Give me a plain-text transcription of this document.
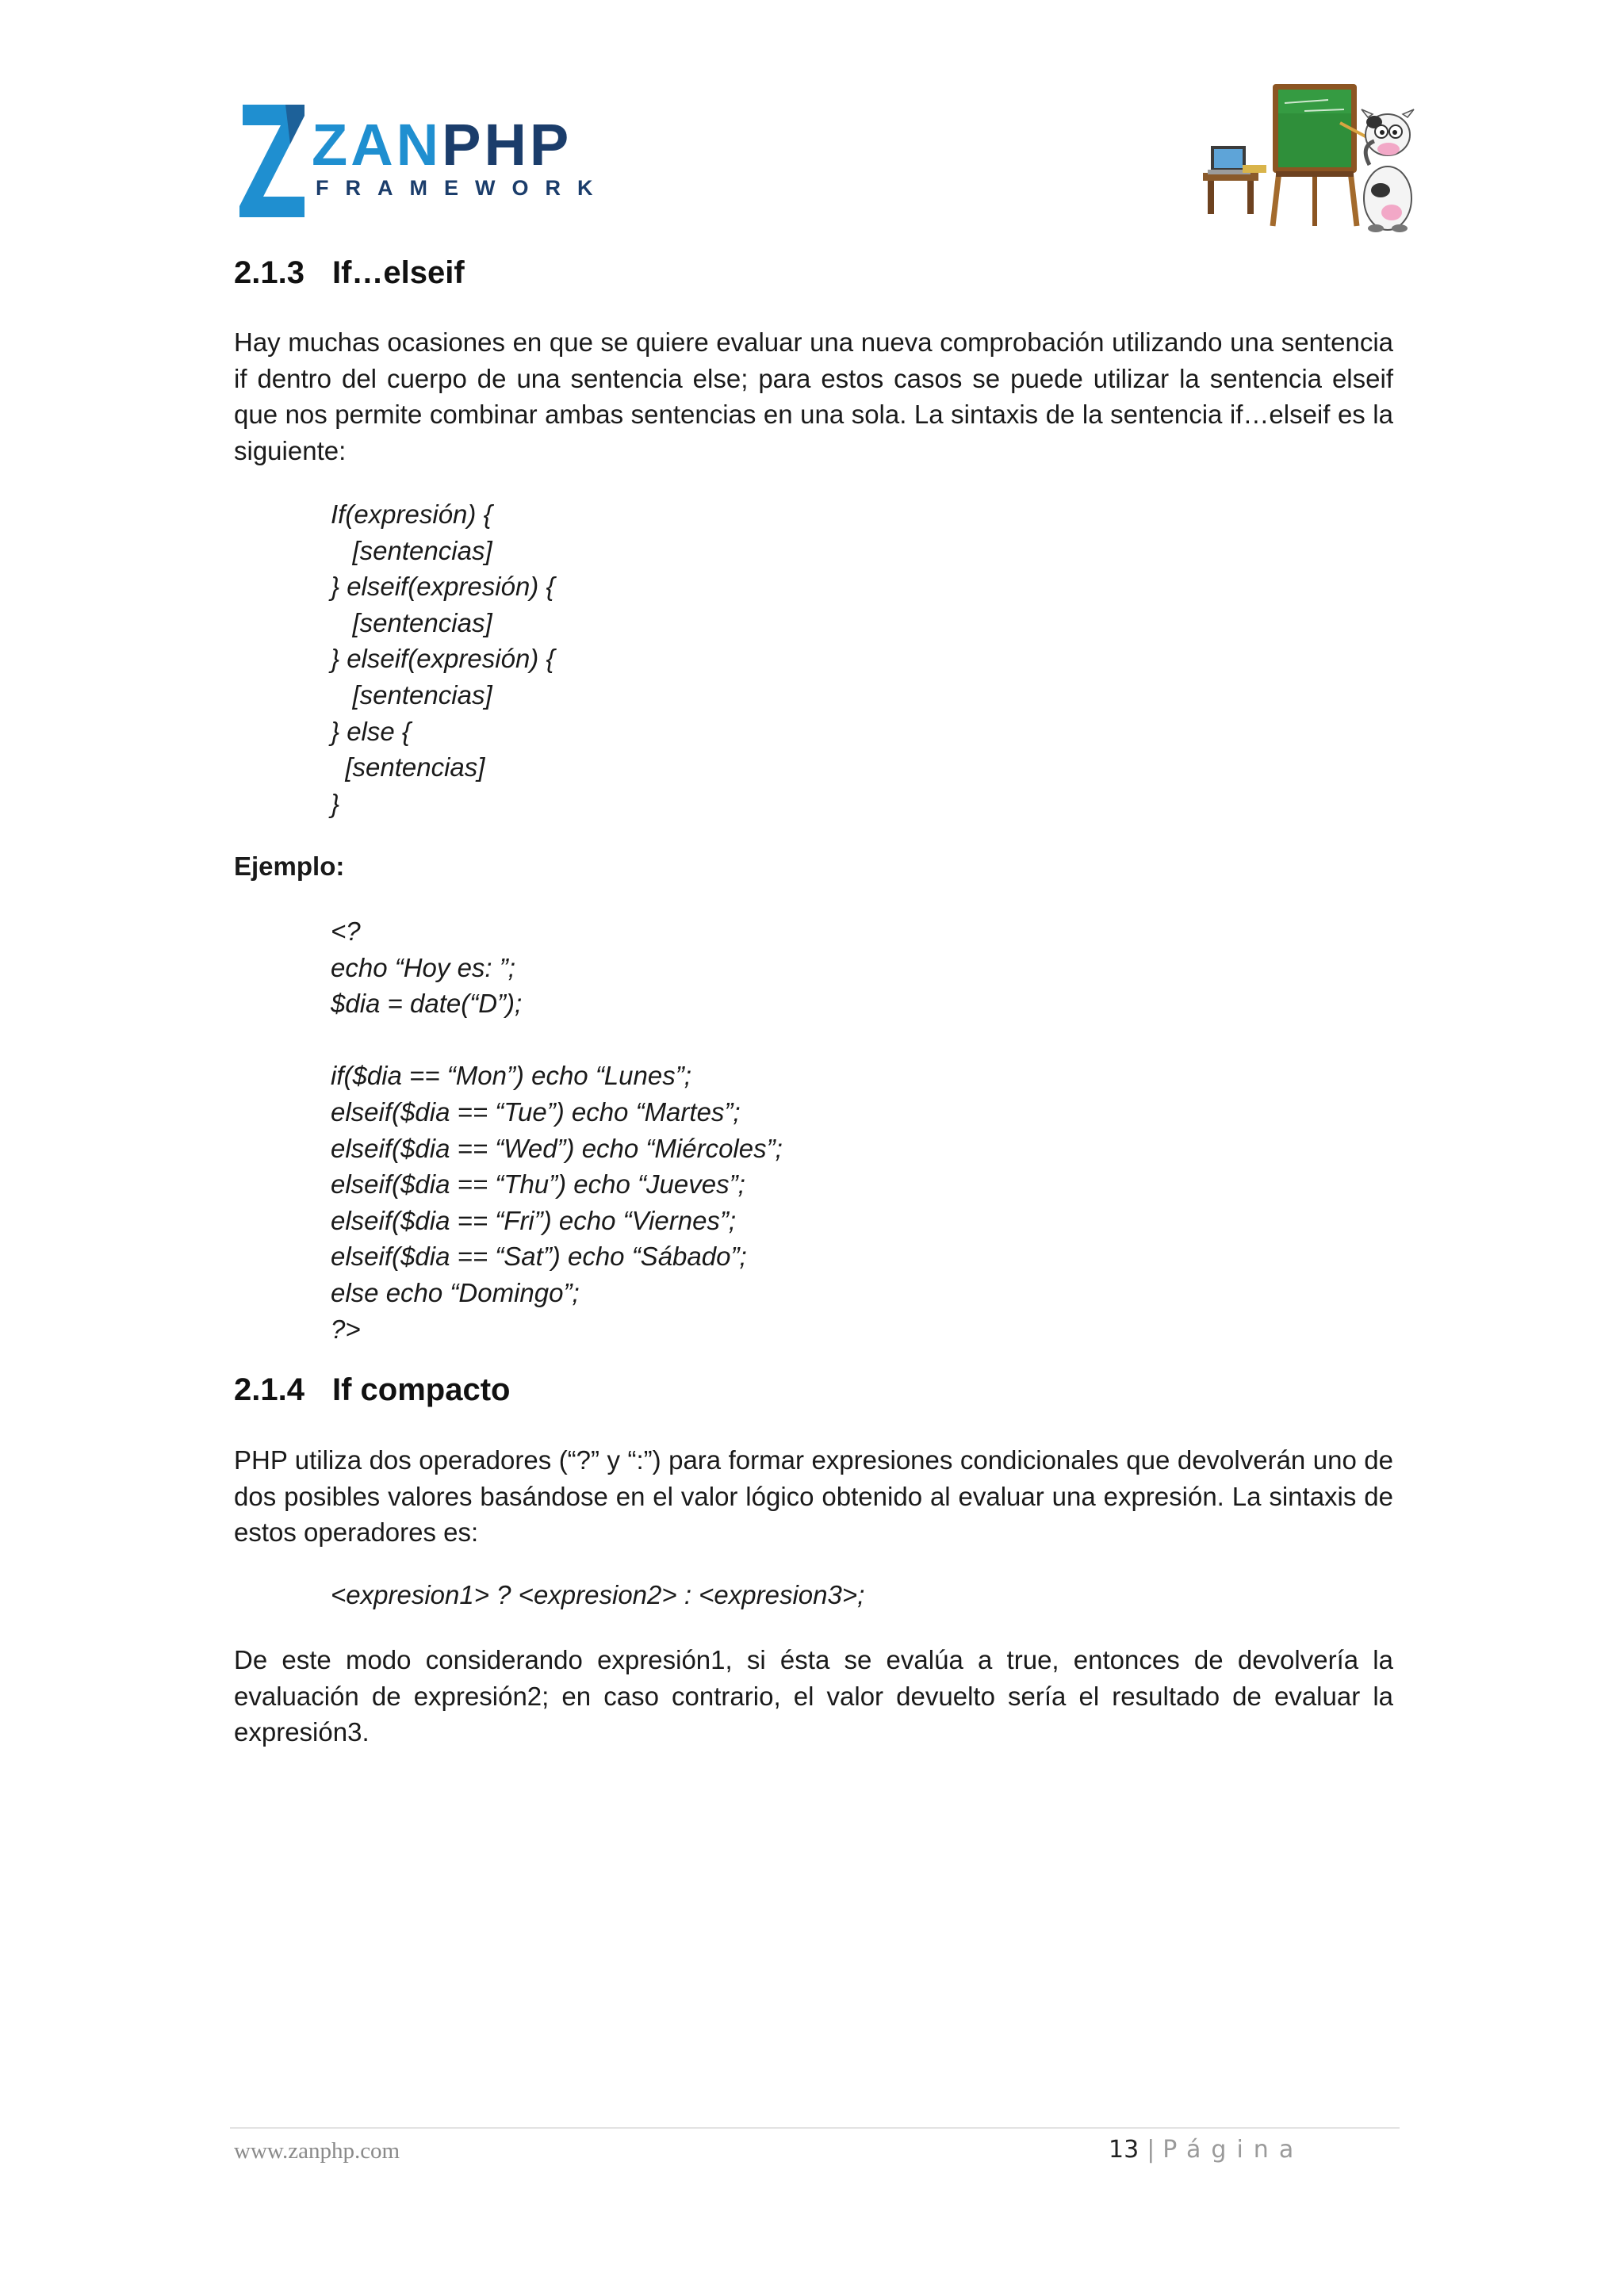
Z
ZANPHP
FRAMEWORK
2.1.3 If…elseif

Hay muchas ocasiones en que se quiere evaluar una nueva comprobación utilizando una sentencia if dentro del cuerpo de una sentencia else; para estos casos se puede utilizar la sentencia elseif que nos permite combinar ambas sentencias en una sola. La sintaxis de la sentencia if…elseif es la siguiente:

If(expresión) {
[sentencias]
} elseif(expresión) {
[sentencias]
} elseif(expresión) {
[sentencias]
} else {
[sentencias]
}

Ejemplo:

<?
echo “Hoy es: ”;
$dia = date(“D”);
if($dia == “Mon”) echo “Lunes”;
elseif($dia == “Tue”) echo “Martes”;
elseif($dia == “Wed”) echo “Miércoles”;
elseif($dia == “Thu”) echo “Jueves”;
elseif($dia == “Fri”) echo “Viernes”;
elseif($dia == “Sat”) echo “Sábado”;
else echo “Domingo”;
?>
2.1.4 If compacto

PHP utiliza dos operadores (“?” y “:”) para formar expresiones condicionales que devolverán uno de dos posibles valores basándose en el valor lógico obtenido al evaluar una expresión. La sintaxis de estos operadores es:

<expresion1> ? <expresion2> : <expresion3>;

De este modo considerando expresión1, si ésta se evalúa a true, entonces de devolvería la evaluación de expresión2; en caso contrario, el valor devuelto sería el resultado de evaluar la expresión3.

www.zanphp.com	13 | Página
